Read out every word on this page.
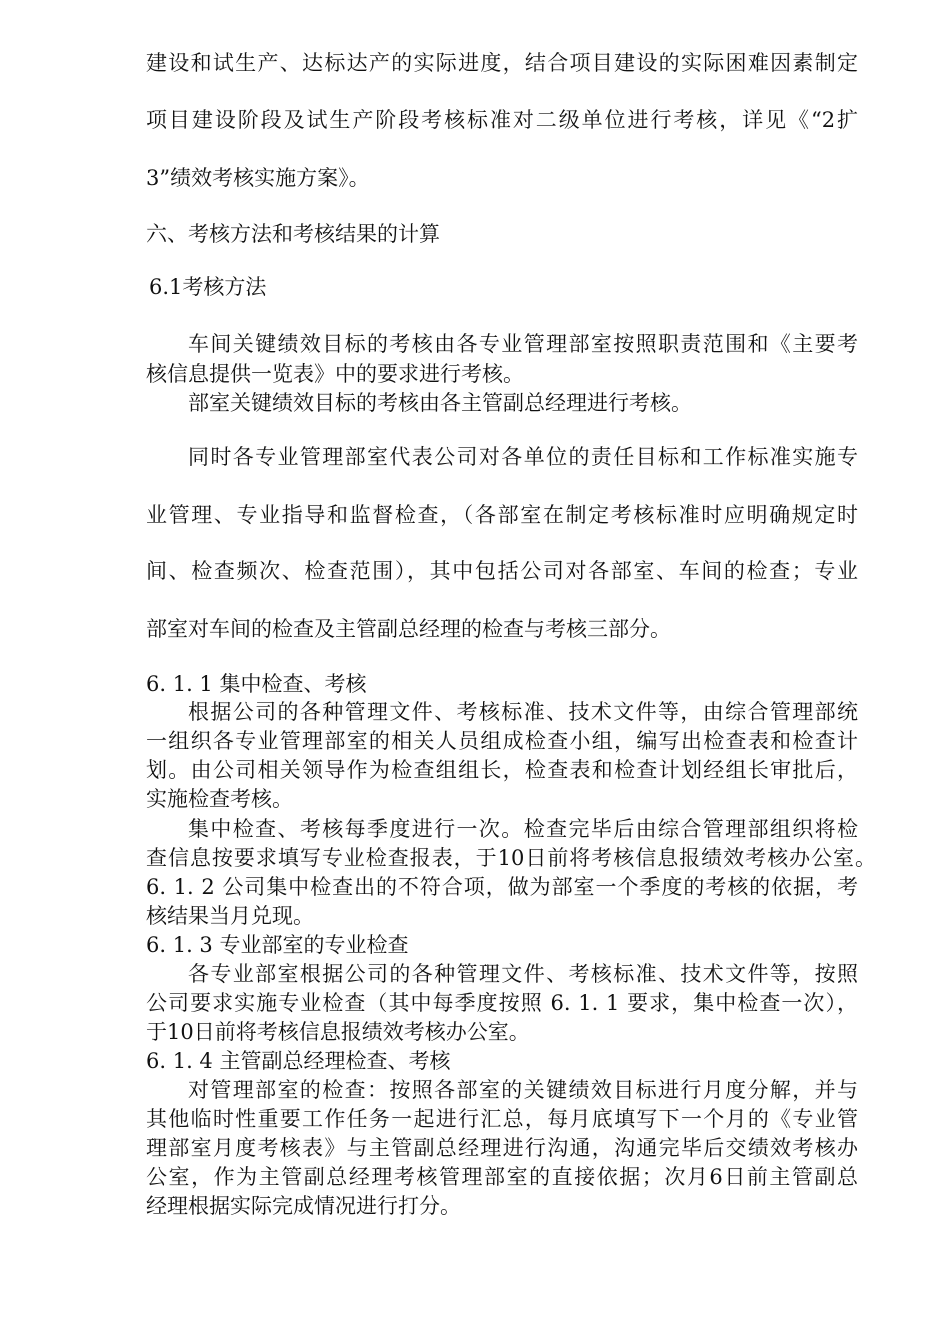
建设和试生产、达标达产的实际进度，结合项目建设的实际困难因素制定
项目建设阶段及试生产阶段考核标准对二级单位进行考核，详见《“2扩
3”绩效考核实施方案》。
六、考核方法和考核结果的计算
6.1考核方法
车间关键绩效目标的考核由各专业管理部室按照职责范围和《主要考
核信息提供一览表》中的要求进行考核。
部室关键绩效目标的考核由各主管副总经理进行考核。
同时各专业管理部室代表公司对各单位的责任目标和工作标准实施专
业管理、专业指导和监督检查，（各部室在制定考核标准时应明确规定时
间、检查频次、检查范围），其中包括公司对各部室、车间的检查；专业
部室对车间的检查及主管副总经理的检查与考核三部分。
6. 1. 1 集中检查、考核
根据公司的各种管理文件、考核标准、技术文件等，由综合管理部统
一组织各专业管理部室的相关人员组成检查小组，编写出检查表和检查计
划。由公司相关领导作为检查组组长，检查表和检查计划经组长审批后，
实施检查考核。
集中检查、考核每季度进行一次。检查完毕后由综合管理部组织将检
查信息按要求填写专业检查报表，于10日前将考核信息报绩效考核办公室。
6. 1. 2 公司集中检查出的不符合项，做为部室一个季度的考核的依据，考
核结果当月兑现。
6. 1. 3 专业部室的专业检查
各专业部室根据公司的各种管理文件、考核标准、技术文件等，按照
公司要求实施专业检查（其中每季度按照 6. 1. 1 要求，集中检查一次），
于10日前将考核信息报绩效考核办公室。
6. 1. 4 主管副总经理检查、考核
对管理部室的检查：按照各部室的关键绩效目标进行月度分解，并与
其他临时性重要工作任务一起进行汇总，每月底填写下一个月的《专业管
理部室月度考核表》与主管副总经理进行沟通，沟通完毕后交绩效考核办
公室，作为主管副总经理考核管理部室的直接依据；次月6日前主管副总
经理根据实际完成情况进行打分。
